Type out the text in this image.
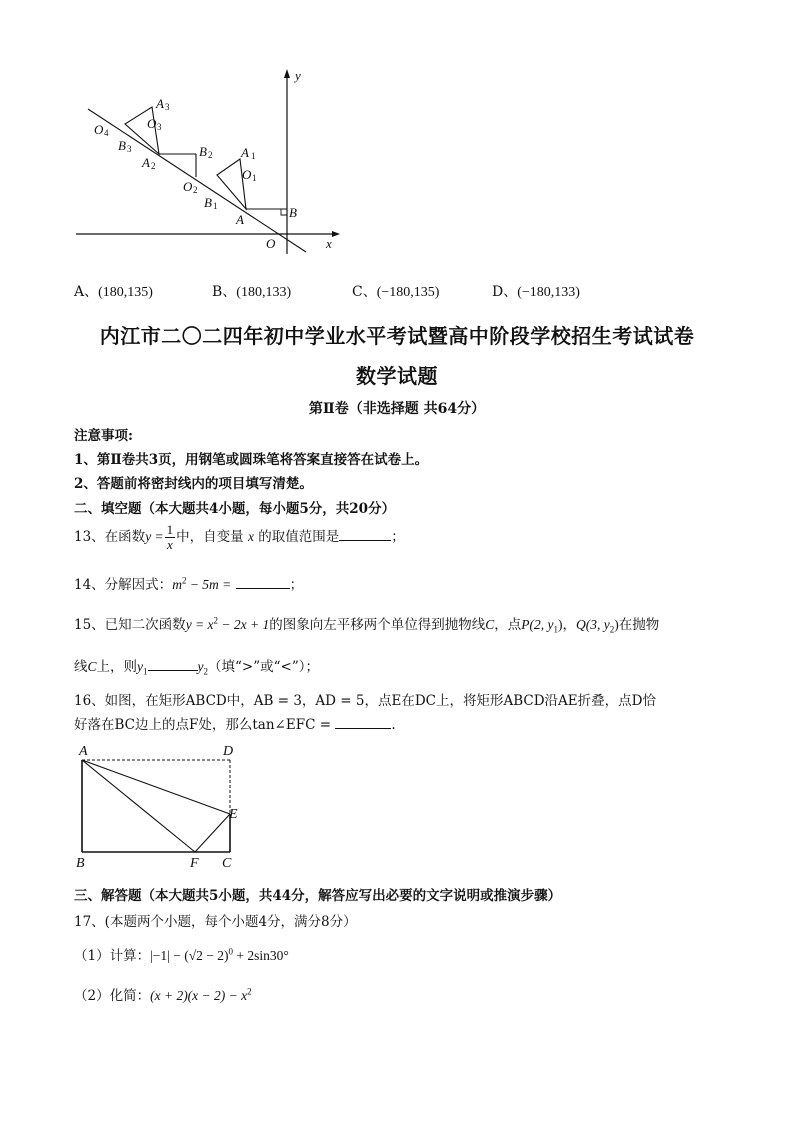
y
x
O
B
A
A 1
O 1
B 1
O 2
B 2
A 2
A 3
O 3
B 3
O 4
A、(180,135)	B、(180,133)	C、(−180,135)	D、(−180,133)
内江市二〇二四年初中学业水平考试暨高中阶段学校招生考试试卷
数学试题
第Ⅱ卷（非选择题 共64分）
注意事项:
1、第Ⅱ卷共3页，用钢笔或圆珠笔将答案直接答在试卷上。
2、答题前将密封线内的项目填写清楚。
二、填空题（本大题共4小题，每小题5分，共20分）
13、在函数$y = \frac{1}{x}$ 中，自变量 x 的取值范围是	；
14、分解因式：$m^2 - 5m$ =	；
15、已知二次函数$y = x^2 - 2x + 1$的图象向左平移两个单位得到抛物线C，点P(2, $y_1$)，Q(3, $y_2$)在抛物
线C上，则$y_1$	$y_2$（填“>”或“<”）；
16、如图，在矩形ABCD中，AB = 3，AD = 5，点E在DC上，将矩形ABCD沿AE折叠，点D恰
好落在BC边上的点F处，那么tan∠EFC =	.
A	D
E
B	F C
三、解答题（本大题共5小题，共44分，解答应写出必要的文字说明或推演步骤）
17、(本题两个小题，每个小题4分，满分8分）
（1）计算：$|-1| - (√2 - 2)^0 + 2\sin 30^\circ$
（2）化简：$(x + 2)(x - 2) - x^2$
